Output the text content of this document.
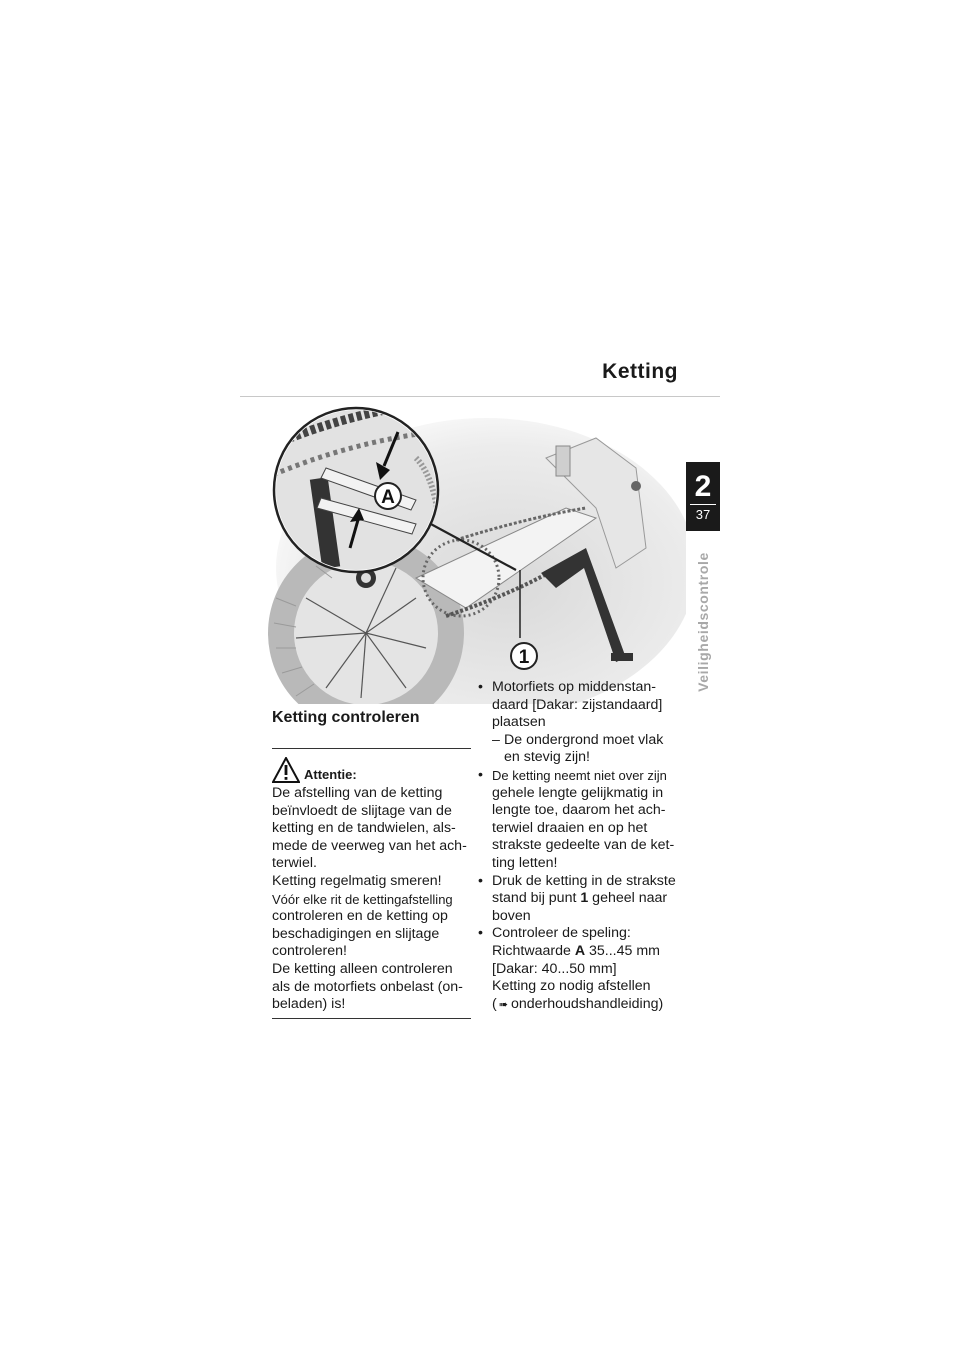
Ketting
2
37
Veiligheidscontrole
A
1
Ketting controleren
Attentie:
De afstelling van de ketting
beïnvloedt de slijtage van de
ketting en de tandwielen, als-
mede de veerweg van het ach-
terwiel.
Ketting regelmatig smeren!
Vóór elke rit de kettingafstelling
controleren en de ketting op
beschadigingen en slijtage
controleren!
De ketting alleen controleren
als de motorfiets onbelast (on-
beladen) is!
• Motorfiets op middenstan-
daard [Dakar: zijstandaard]
plaatsen
– De ondergrond moet vlak
en stevig zijn!
• De ketting neemt niet over zijn
gehele lengte gelijkmatig in
lengte toe, daarom het ach-
terwiel draaien en op het
strakste gedeelte van de ket-
ting letten!
• Druk de ketting in de strakste
stand bij punt 1 geheel naar
boven
• Controleer de speling:
Richtwaarde A 35...45 mm
[Dakar: 40...50 mm]
Ketting zo nodig afstellen
( ➠ onderhoudshandleiding)
